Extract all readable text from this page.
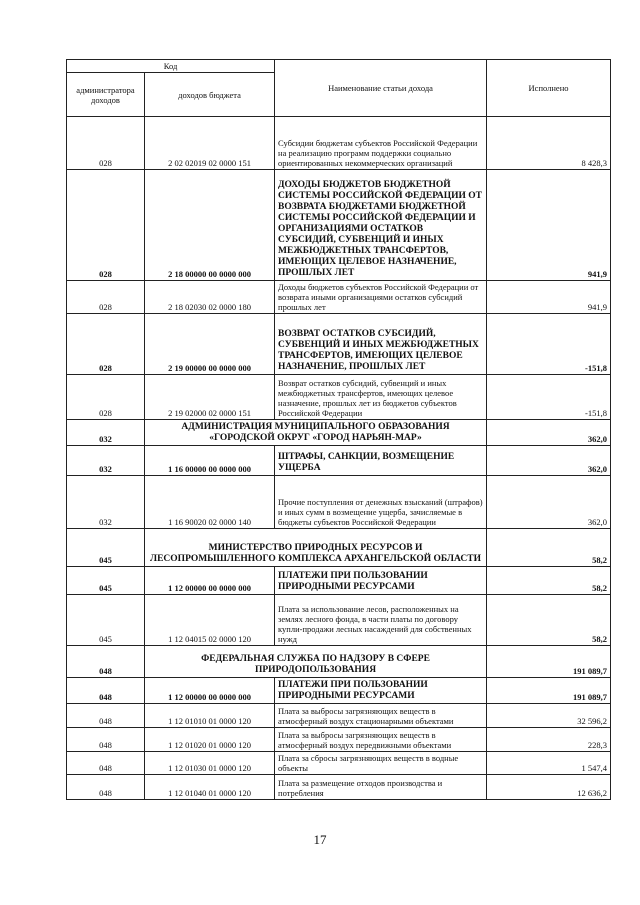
Код		Наименование статьи дохода	Исполнено
администратора доходов	доходов бюджета		
028	2 02 02019 02 0000 151	Субсидии бюджетам субъектов Российской Федерации на реализацию программ поддержки социально ориентированных некоммерческих организаций	8 428,3
028	2 18 00000 00 0000 000	ДОХОДЫ БЮДЖЕТОВ БЮДЖЕТНОЙ СИСТЕМЫ РОССИЙСКОЙ ФЕДЕРАЦИИ ОТ ВОЗВРАТА БЮДЖЕТАМИ БЮДЖЕТНОЙ СИСТЕМЫ РОССИЙСКОЙ ФЕДЕРАЦИИ И ОРГАНИЗАЦИЯМИ ОСТАТКОВ СУБСИДИЙ, СУБВЕНЦИЙ И ИНЫХ МЕЖБЮДЖЕТНЫХ ТРАНСФЕРТОВ, ИМЕЮЩИХ ЦЕЛЕВОЕ НАЗНАЧЕНИЕ, ПРОШЛЫХ ЛЕТ	941,9
028	2 18 02030 02 0000 180	Доходы бюджетов субъектов Российской Федерации от возврата иными организациями остатков субсидий прошлых лет	941,9
028	2 19 00000 00 0000 000	ВОЗВРАТ ОСТАТКОВ СУБСИДИЙ, СУБВЕНЦИЙ И ИНЫХ МЕЖБЮДЖЕТНЫХ ТРАНСФЕРТОВ, ИМЕЮЩИХ ЦЕЛЕВОЕ НАЗНАЧЕНИЕ, ПРОШЛЫХ ЛЕТ	-151,8
028	2 19 02000 02 0000 151	Возврат остатков субсидий, субвенций и иных межбюджетных трансфертов, имеющих целевое назначение, прошлых лет из бюджетов субъектов Российской Федерации	-151,8
032	АДМИНИСТРАЦИЯ МУНИЦИПАЛЬНОГО ОБРАЗОВАНИЯ «ГОРОДСКОЙ ОКРУГ «ГОРОД НАРЬЯН-МАР»		362,0
032	1 16 00000 00 0000 000	ШТРАФЫ, САНКЦИИ, ВОЗМЕЩЕНИЕ УЩЕРБА	362,0
032	1 16 90020 02 0000 140	Прочие поступления от денежных взысканий (штрафов) и иных сумм в возмещение ущерба, зачисляемые в бюджеты субъектов Российской Федерации	362,0
045	МИНИСТЕРСТВО ПРИРОДНЫХ РЕСУРСОВ И ЛЕСОПРОМЫШЛЕННОГО КОМПЛЕКСА АРХАНГЕЛЬСКОЙ ОБЛАСТИ		58,2
045	1 12 00000 00 0000 000	ПЛАТЕЖИ ПРИ ПОЛЬЗОВАНИИ ПРИРОДНЫМИ РЕСУРСАМИ	58,2
045	1 12 04015 02 0000 120	Плата за использование лесов, расположенных на землях лесного фонда, в части платы по договору купли-продажи лесных насаждений для собственных нужд	58,2
048	ФЕДЕРАЛЬНАЯ СЛУЖБА ПО НАДЗОРУ В СФЕРЕ ПРИРОДОПОЛЬЗОВАНИЯ		191 089,7
048	1 12 00000 00 0000 000	ПЛАТЕЖИ ПРИ ПОЛЬЗОВАНИИ ПРИРОДНЫМИ РЕСУРСАМИ	191 089,7
048	1 12 01010 01 0000 120	Плата за выбросы загрязняющих веществ в атмосферный воздух стационарными объектами	32 596,2
048	1 12 01020 01 0000 120	Плата за выбросы загрязняющих веществ в атмосферный воздух передвижными объектами	228,3
048	1 12 01030 01 0000 120	Плата за сбросы загрязняющих веществ в водные объекты	1 547,4
048	1 12 01040 01 0000 120	Плата за размещение отходов производства и потребления	12 636,2
17
